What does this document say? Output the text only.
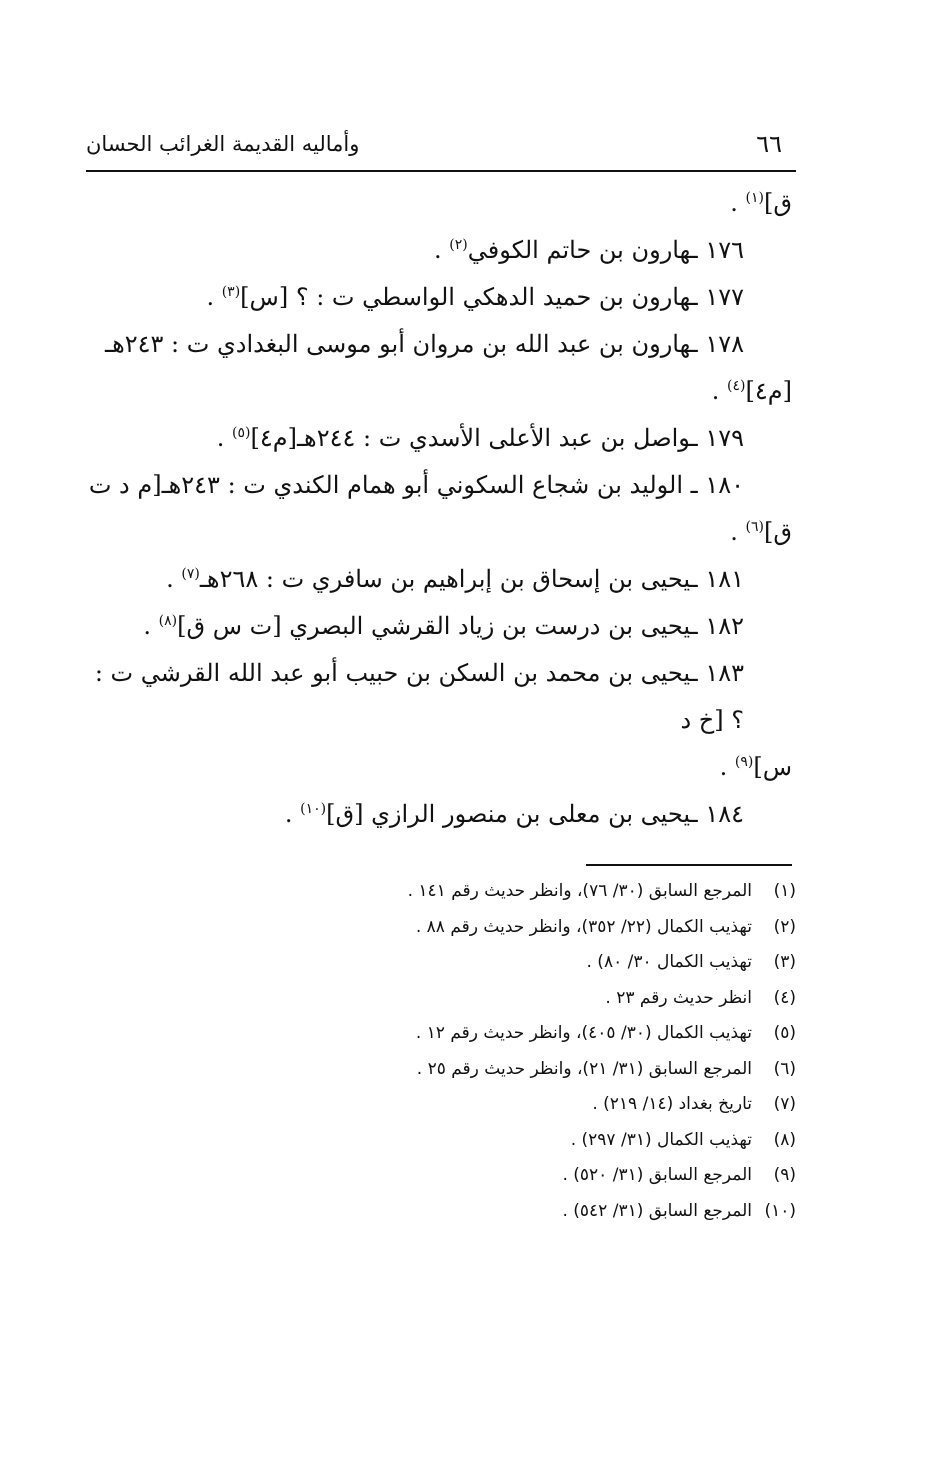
٦٦
وأماليه القديمة الغرائب الحسان

ق]$^{(١)}$ .

١٧٦ ـهارون بن حاتم الكوفي$^{(٢)}$ .

١٧٧ ـهارون بن حميد الدهكي الواسطي ت : ؟ [س]$^{(٣)}$ .

١٧٨ ـهارون بن عبد الله بن مروان أبو موسى البغدادي ت : ٢٤٣هـ

[م٤]$^{(٤)}$ .

١٧٩ ـواصل بن عبد الأعلى الأسدي ت : ٢٤٤هـ[م٤]$^{(٥)}$ .

١٨٠ ـ الوليد بن شجاع السكوني أبو همام الكندي ت : ٢٤٣هـ[م د ت

ق]$^{(٦)}$ .

١٨١ ـيحيى بن إسحاق بن إبراهيم بن سافري ت : ٢٦٨هـ$^{(٧)}$ .

١٨٢ ـيحيى بن درست بن زياد القرشي البصري [ت س ق]$^{(٨)}$ .

١٨٣ ـيحيى بن محمد بن السكن بن حبيب أبو عبد الله القرشي ت : ؟ [خ د

س]$^{(٩)}$ .

١٨٤ ـيحيى بن معلى بن منصور الرازي [ق]$^{(١٠)}$ .

(١)المرجع السابق (٣٠/ ٧٦)، وانظر حديث رقم ١٤١ .

(٢)تهذيب الكمال (٢٢/ ٣٥٢)، وانظر حديث رقم ٨٨ .

(٣)تهذيب الكمال ٣٠/ ٨٠) .

(٤)انظر حديث رقم ٢٣ .

(٥)تهذيب الكمال (٣٠/ ٤٠٥)، وانظر حديث رقم ١٢ .

(٦)المرجع السابق (٣١/ ٢١)، وانظر حديث رقم ٢٥ .

(٧)تاريخ بغداد (١٤/ ٢١٩) .

(٨)تهذيب الكمال (٣١/ ٢٩٧) .

(٩)المرجع السابق (٣١/ ٥٢٠) .

(١٠)المرجع السابق (٣١/ ٥٤٢) .
